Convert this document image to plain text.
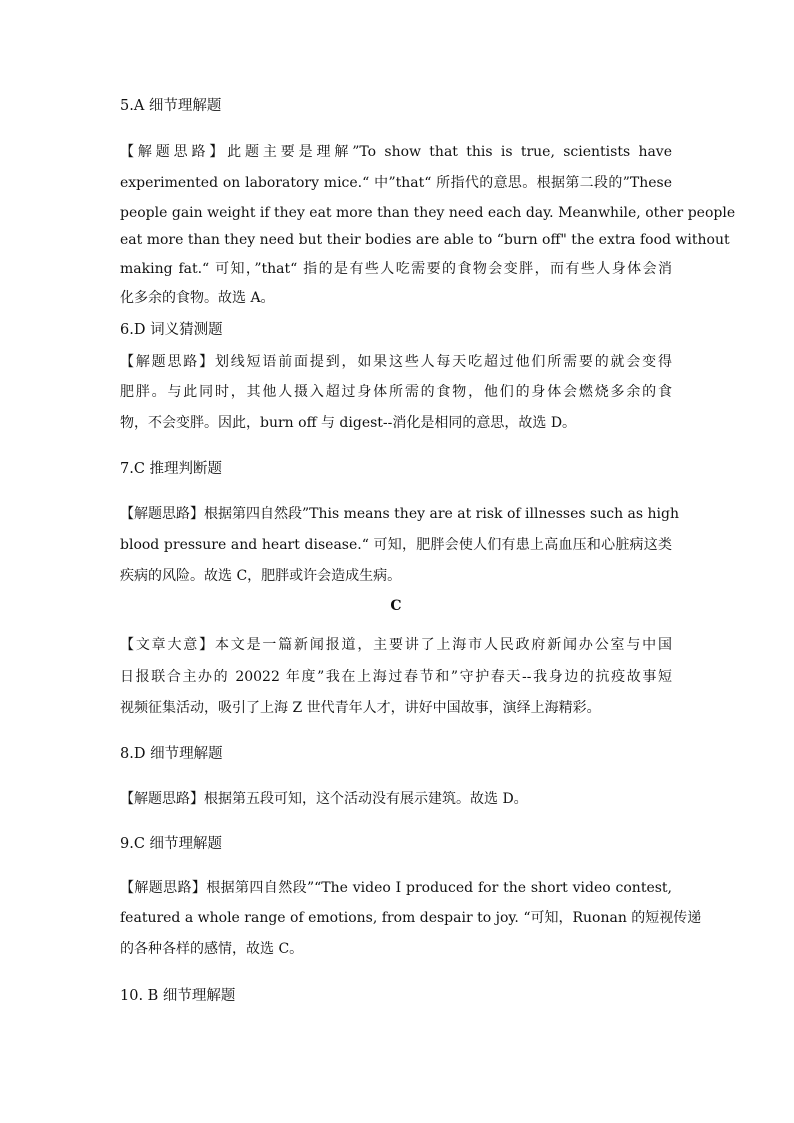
5.A 细节理解题
【解题思路】此题主要是理解”To show that this is true, scientists have
experimented on laboratory mice.“ 中”that“ 所指代的意思。根据第二段的”These
people gain weight if they eat more than they need each day. Meanwhile, other people
eat more than they need but their bodies are able to “burn off" the extra food without
making fat.“ 可知，”that“ 指的是有些人吃需要的食物会变胖，而有些人身体会消
化多余的食物。故选 A。
6.D 词义猜测题
【解题思路】划线短语前面提到，如果这些人每天吃超过他们所需要的就会变得
肥胖。与此同时，其他人摄入超过身体所需的食物，他们的身体会燃烧多余的食
物，不会变胖。因此，burn off 与 digest--消化是相同的意思，故选 D。
7.C 推理判断题
【解题思路】根据第四自然段”This means they are at risk of illnesses such as high
blood pressure and heart disease.“ 可知，肥胖会使人们有患上高血压和心脏病这类
疾病的风险。故选 C，肥胖或许会造成生病。
C
【文章大意】本文是一篇新闻报道，主要讲了上海市人民政府新闻办公室与中国
日报联合主办的 20022 年度”我在上海过春节和”守护春天--我身边的抗疫故事短
视频征集活动，吸引了上海 Z 世代青年人才，讲好中国故事，演绎上海精彩。
8.D 细节理解题
【解题思路】根据第五段可知，这个活动没有展示建筑。故选 D。
9.C 细节理解题
【解题思路】根据第四自然段”“The video I produced for the short video contest,
featured a whole range of emotions, from despair to joy. “可知，Ruonan 的短视传递
的各种各样的感情，故选 C。
10. B 细节理解题
